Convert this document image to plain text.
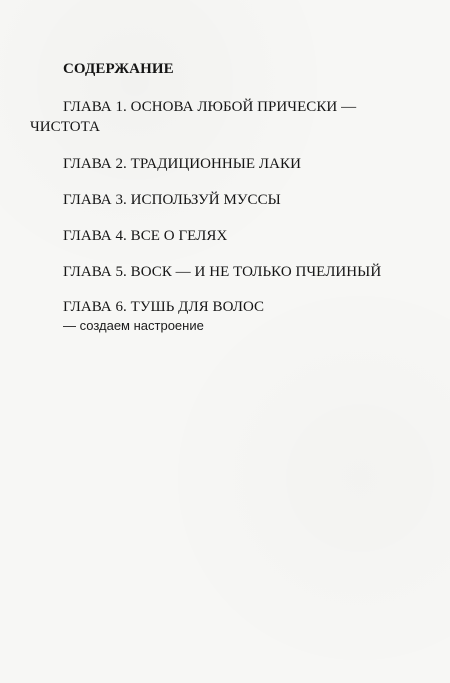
СОДЕРЖАНИЕ
ГЛАВА 1. ОСНОВА ЛЮБОЙ ПРИЧЕСКИ —
ЧИСТОТА
ГЛАВА 2. ТРАДИЦИОННЫЕ ЛАКИ
ГЛАВА 3. ИСПОЛЬЗУЙ МУССЫ
ГЛАВА 4. ВСЕ О ГЕЛЯХ
ГЛАВА 5. ВОСК — И НЕ ТОЛЬКО ПЧЕЛИНЫЙ
ГЛАВА 6. ТУШЬ ДЛЯ ВОЛОС
— создаем настроение
